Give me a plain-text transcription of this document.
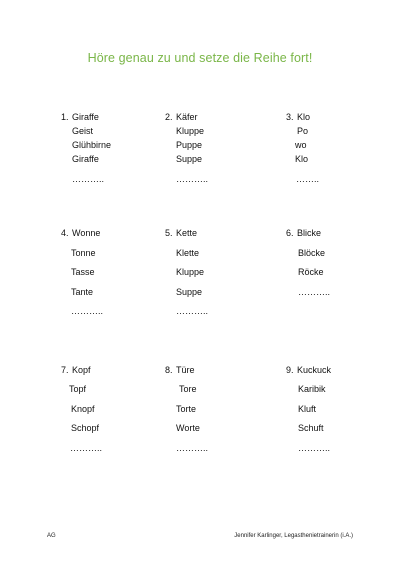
Höre genau zu und setze die Reihe fort!
1. Giraffe
Geist
Glühbirne
Giraffe
………..
2. Käfer
Kluppe
Puppe
Suppe
………..
3. Klo
Po
wo
Klo
……..
4. Wonne
Tonne
Tasse
Tante
………..
5. Kette
Klette
Kluppe
Suppe
………..
6. Blicke
Blöcke
Röcke
………..
7. Kopf
Topf
Knopf
Schopf
………..
8. Türe
Tore
Torte
Worte
………..
9. Kuckuck
Karibik
Kluft
Schuft
………..
AG	Jennifer Karlinger, Legasthenietrainerin (i.A.)
